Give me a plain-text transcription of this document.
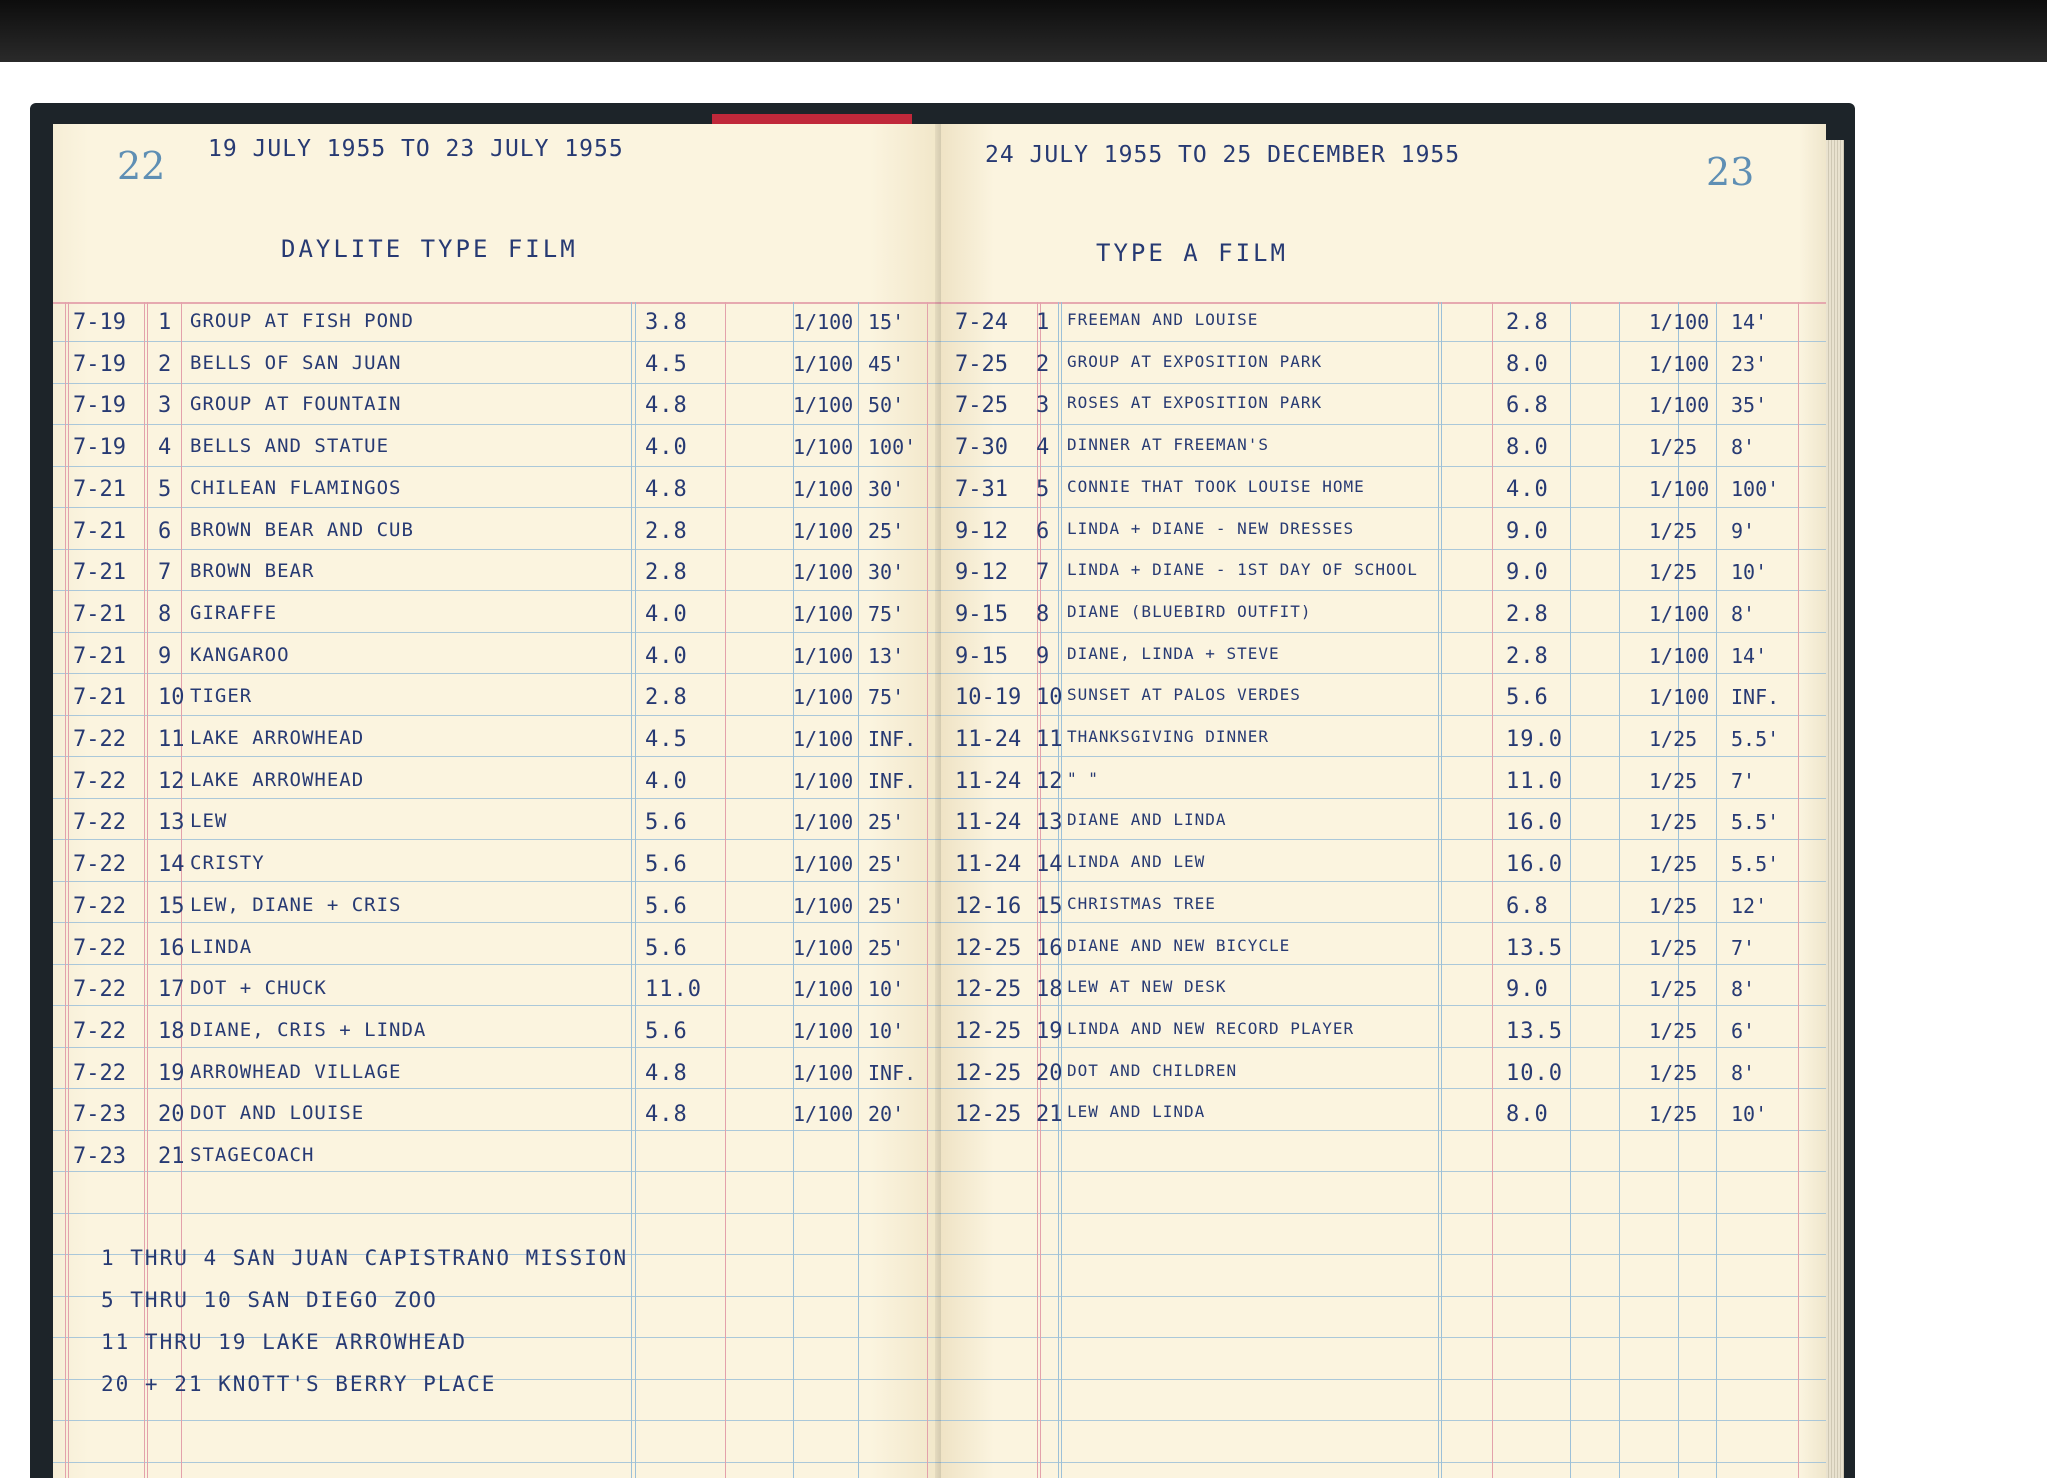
22 19 JULY 1955 TO 23 JULY 1955
DAYLITE TYPE FILM
7-19 1 GROUP AT FISH POND	3.8	1/100 15'
7-19 2 BELLS OF SAN JUAN	4.5	1/100 45'
7-19 3 GROUP AT FOUNTAIN	4.8	1/100 50'
7-19 4 BELLS AND STATUE	4.0	1/100 100'
7-21 5 CHILEAN FLAMINGOS	4.8	1/100 30'
7-21 6 BROWN BEAR AND CUB	2.8	1/100 25'
7-21 7 BROWN BEAR	2.8	1/100 30'
7-21 8 GIRAFFE	4.0	1/100 75'
7-21 9 KANGAROO	4.0	1/100 13'
7-21 10 TIGER	2.8	1/100 75'
7-22 11 LAKE ARROWHEAD	4.5	1/100 INF.
7-22 12 LAKE ARROWHEAD	4.0	1/100 INF.
7-22 13 LEW	5.6	1/100 25'
7-22 14 CRISTY	5.6	1/100 25'
7-22 15 LEW, DIANE + CRIS	5.6	1/100 25'
7-22 16 LINDA	5.6	1/100 25'
7-22 17 DOT + CHUCK	11.0	1/100 10'
7-22 18 DIANE, CRIS + LINDA	5.6	1/100 10'
7-22 19 ARROWHEAD VILLAGE	4.8	1/100 INF.
7-23 20 DOT AND LOUISE	4.8	1/100 20'
7-23 21 STAGECOACH
1 THRU 4 SAN JUAN CAPISTRANO MISSION
5 THRU 10 SAN DIEGO ZOO
11 THRU 19 LAKE ARROWHEAD
20 + 21 KNOTT'S BERRY PLACE
23
24 JULY 1955 TO 25 DECEMBER 1955
TYPE A FILM
7-24 1 FREEMAN AND LOUISE	2.8	1/100 14'
7-25 2 GROUP AT EXPOSITION PARK	8.0	1/100 23'
7-25 3 ROSES AT EXPOSITION PARK	6.8	1/100 35'
7-30 4 DINNER AT FREEMAN'S	8.0	1/25 8'
7-31 5 CONNIE THAT TOOK LOUISE HOME	4.0	1/100 100'
9-12 6 LINDA + DIANE - NEW DRESSES	9.0	1/25 9'
9-12 7 LINDA + DIANE - 1ST DAY OF SCHOOL	9.0	1/25 10'
9-15 8 DIANE (BLUEBIRD OUTFIT)	2.8	1/100 8'
9-15 9 DIANE, LINDA + STEVE	2.8	1/100 14'
10-19 10 SUNSET AT PALOS VERDES	5.6	1/100 INF.
11-24 11 THANKSGIVING DINNER	19.0	1/25 5.5'
11-24 12 " "	11.0	1/25 7'
11-24 13 DIANE AND LINDA	16.0	1/25 5.5'
11-24 14 LINDA AND LEW	16.0	1/25 5.5'
12-16 15 CHRISTMAS TREE	6.8	1/25 12'
12-25 16 DIANE AND NEW BICYCLE	13.5	1/25 7'
12-25 18 LEW AT NEW DESK	9.0	1/25 8'
12-25 19 LINDA AND NEW RECORD PLAYER	13.5	1/25 6'
12-25 20 DOT AND CHILDREN	10.0	1/25 8'
12-25 21 LEW AND LINDA	8.0	1/25 10'
